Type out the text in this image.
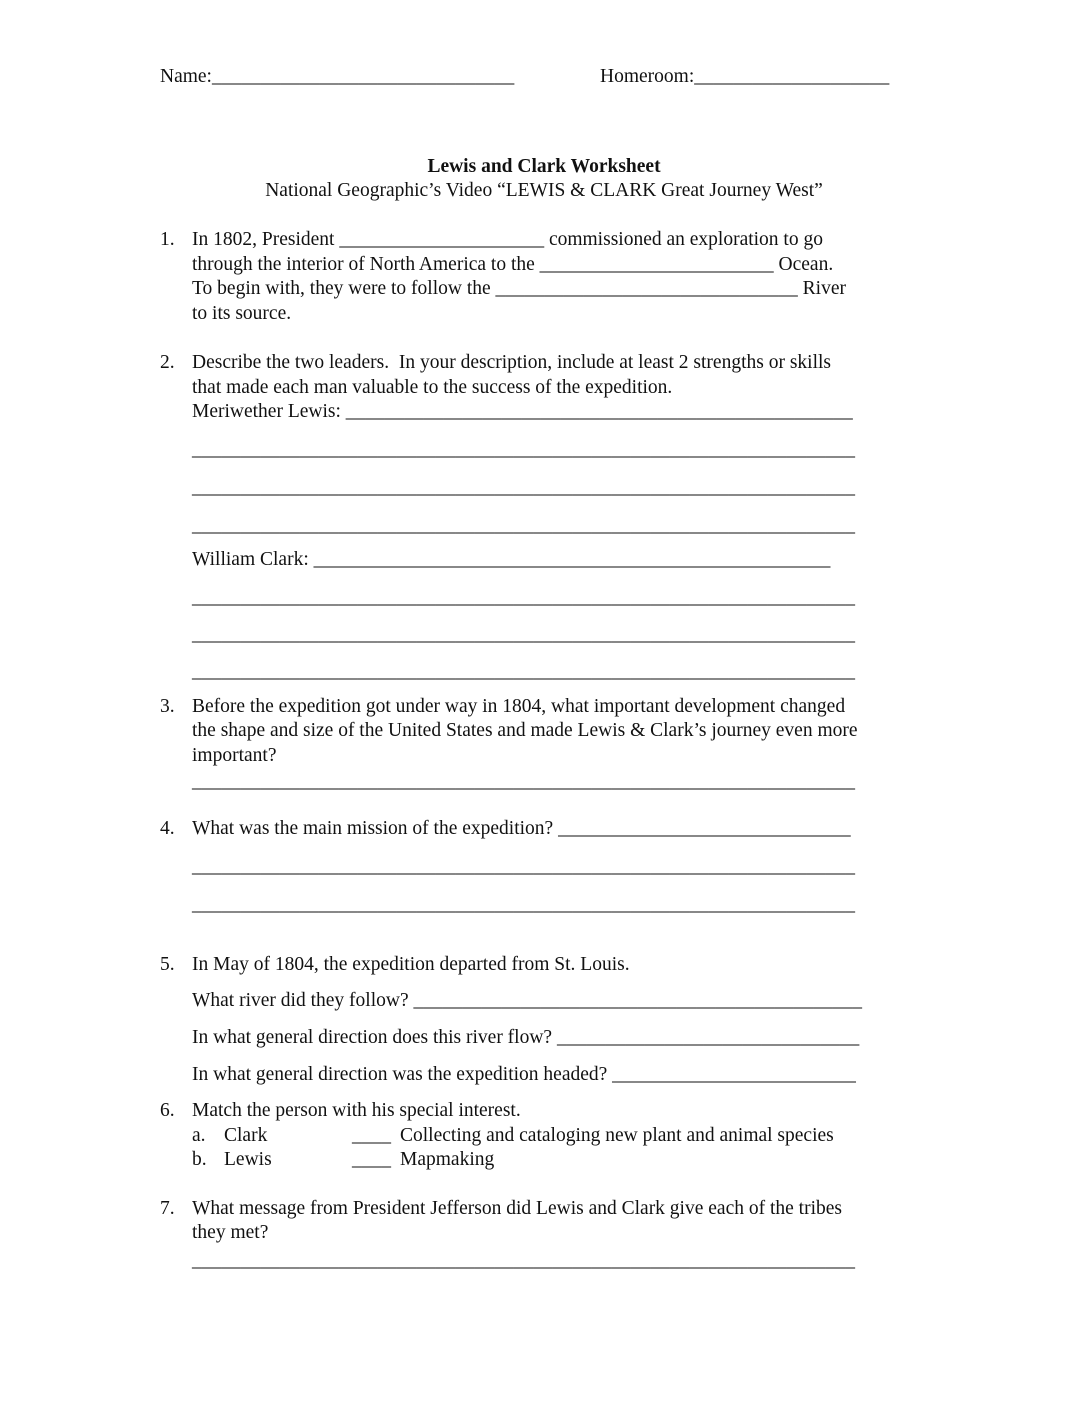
Name:_______________________________	Homeroom:____________________
Lewis and Clark Worksheet
National Geographic’s Video “LEWIS & CLARK Great Journey West”
1. In 1802, President _____________________ commissioned an exploration to go
through the interior of North America to the ________________________ Ocean.
To begin with, they were to follow the _______________________________ River
to its source.
2. Describe the two leaders.  In your description, include at least 2 strengths or skills
that made each man valuable to the success of the expedition.
Meriwether Lewis: ____________________________________________________
____________________________________________________________________
____________________________________________________________________
____________________________________________________________________
William Clark: _____________________________________________________
____________________________________________________________________
____________________________________________________________________
____________________________________________________________________
3. Before the expedition got under way in 1804, what important development changed
the shape and size of the United States and made Lewis & Clark’s journey even more
important?
____________________________________________________________________
4. What was the main mission of the expedition? ______________________________
____________________________________________________________________
____________________________________________________________________
5. In May of 1804, the expedition departed from St. Louis.
What river did they follow? ______________________________________________
In what general direction does this river flow? _______________________________
In what general direction was the expedition headed? _________________________
6. Match the person with his special interest.
a. Clark	____ Collecting and cataloging new plant and animal species
b. Lewis	____ Mapmaking
7. What message from President Jefferson did Lewis and Clark give each of the tribes
they met?
____________________________________________________________________
